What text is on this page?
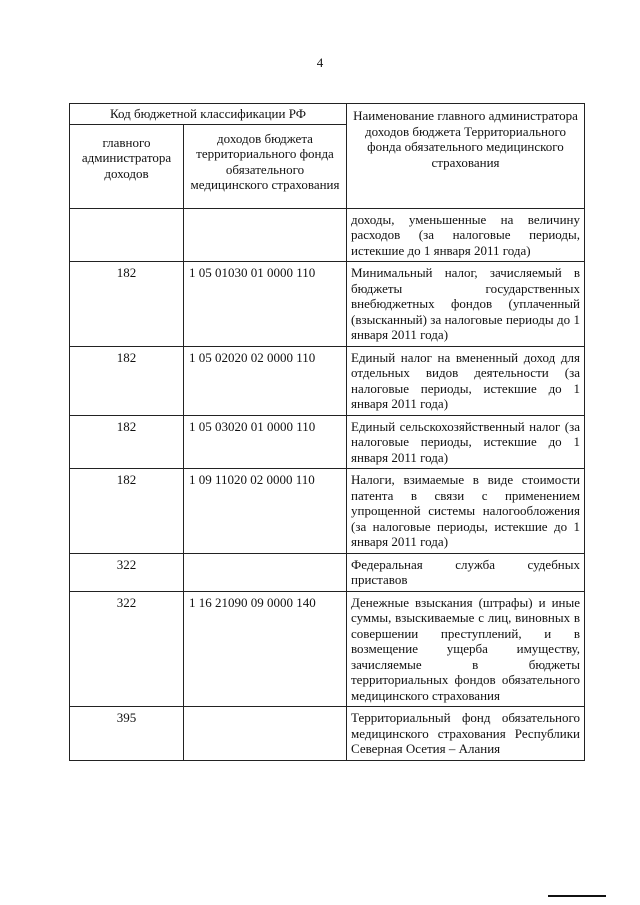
4
Код бюджетной классификации РФ		Наименование главного администратора доходов бюджета Территориального фонда обязательного медицинского страхования
главного администратора доходов	доходов бюджета территориального фонда обязательного медицинского страхования	
		доходы, уменьшенные на величину расходов (за налоговые периоды, истекшие до 1 января 2011 года)
182	1 05 01030 01 0000 110	Минимальный налог, зачисляемый в бюджеты государственных внебюджетных фондов (уплаченный (взысканный) за налоговые периоды до 1 января 2011 года)
182	1 05 02020 02 0000 110	Единый налог на вмененный доход для отдельных видов деятельности (за налоговые периоды, истекшие до 1 января 2011 года)
182	1 05 03020 01 0000 110	Единый сельскохозяйственный налог (за налоговые периоды, истекшие до 1 января 2011 года)
182	1 09 11020 02 0000 110	Налоги, взимаемые в виде стоимости патента в связи с применением упрощенной системы налогообложения (за налоговые периоды, истекшие до 1 января 2011 года)
322		Федеральная служба судебных приставов
322	1 16 21090 09 0000 140	Денежные взыскания (штрафы) и иные суммы, взыскиваемые с лиц, виновных в совершении преступлений, и в возмещение ущерба имуществу, зачисляемые в бюджеты территориальных фондов обязательного медицинского страхования
395		Территориальный фонд обязательного медицинского страхования Республики Северная Осетия – Алания
